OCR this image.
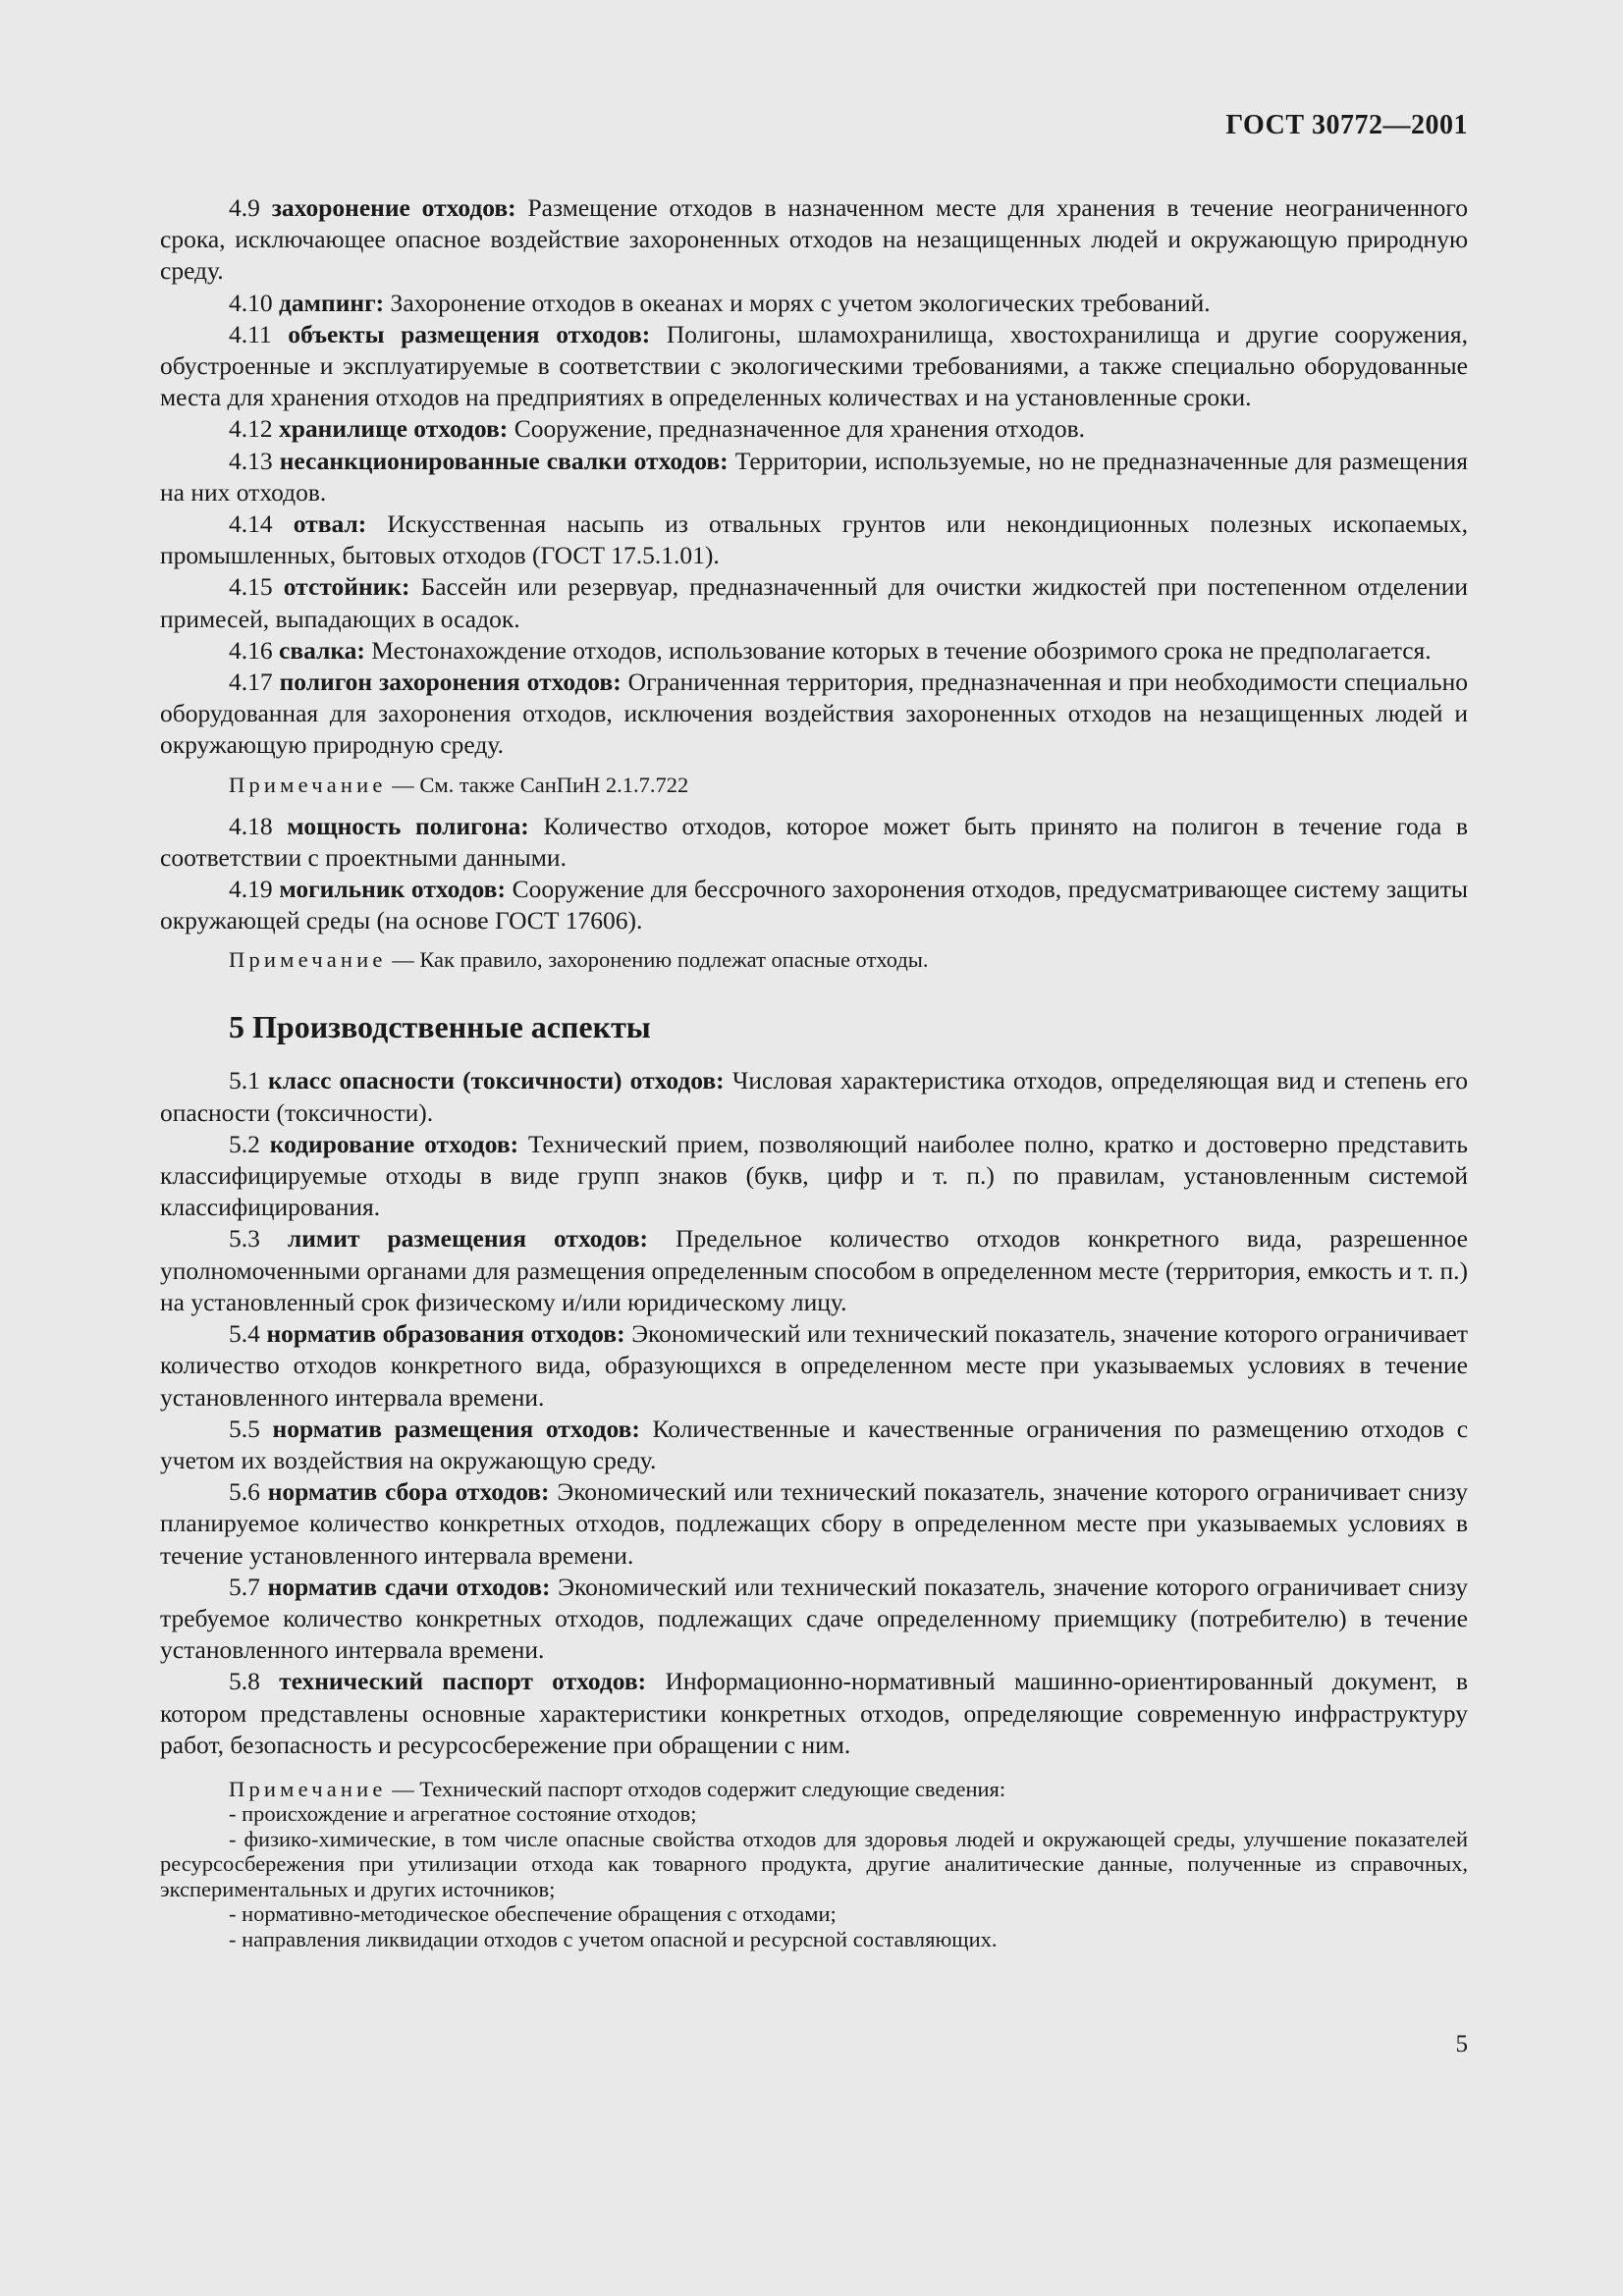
ГОСТ 30772—2001

4.9 захоронение отходов: Размещение отходов в назначенном месте для хранения в течение неограниченного срока, исключающее опасное воздействие захороненных отходов на незащищенных людей и окружающую природную среду.

4.10 дампинг: Захоронение отходов в океанах и морях с учетом экологических требований.

4.11 объекты размещения отходов: Полигоны, шламохранилища, хвостохранилища и другие сооружения, обустроенные и эксплуатируемые в соответствии с экологическими требованиями, а также специально оборудованные места для хранения отходов на предприятиях в определенных количествах и на установленные сроки.

4.12 хранилище отходов: Сооружение, предназначенное для хранения отходов.

4.13 несанкционированные свалки отходов: Территории, используемые, но не предназначенные для размещения на них отходов.

4.14 отвал: Искусственная насыпь из отвальных грунтов или некондиционных полезных ископаемых, промышленных, бытовых отходов (ГОСТ 17.5.1.01).

4.15 отстойник: Бассейн или резервуар, предназначенный для очистки жидкостей при постепенном отделении примесей, выпадающих в осадок.

4.16 свалка: Местонахождение отходов, использование которых в течение обозримого срока не предполагается.

4.17 полигон захоронения отходов: Ограниченная территория, предназначенная и при необходимости специально оборудованная для захоронения отходов, исключения воздействия захороненных отходов на незащищенных людей и окружающую природную среду.

Примечание — См. также СанПиН 2.1.7.722

4.18 мощность полигона: Количество отходов, которое может быть принято на полигон в течение года в соответствии с проектными данными.

4.19 могильник отходов: Сооружение для бессрочного захоронения отходов, предусматривающее систему защиты окружающей среды (на основе ГОСТ 17606).

Примечание — Как правило, захоронению подлежат опасные отходы.

5 Производственные аспекты

5.1 класс опасности (токсичности) отходов: Числовая характеристика отходов, определяющая вид и степень его опасности (токсичности).

5.2 кодирование отходов: Технический прием, позволяющий наиболее полно, кратко и достоверно представить классифицируемые отходы в виде групп знаков (букв, цифр и т. п.) по правилам, установленным системой классифицирования.

5.3 лимит размещения отходов: Предельное количество отходов конкретного вида, разрешенное уполномоченными органами для размещения определенным способом в определенном месте (территория, емкость и т. п.) на установленный срок физическому и/или юридическому лицу.

5.4 норматив образования отходов: Экономический или технический показатель, значение которого ограничивает количество отходов конкретного вида, образующихся в определенном месте при указываемых условиях в течение установленного интервала времени.

5.5 норматив размещения отходов: Количественные и качественные ограничения по размещению отходов с учетом их воздействия на окружающую среду.

5.6 норматив сбора отходов: Экономический или технический показатель, значение которого ограничивает снизу планируемое количество конкретных отходов, подлежащих сбору в определенном месте при указываемых условиях в течение установленного интервала времени.

5.7 норматив сдачи отходов: Экономический или технический показатель, значение которого ограничивает снизу требуемое количество конкретных отходов, подлежащих сдаче определенному приемщику (потребителю) в течение установленного интервала времени.

5.8 технический паспорт отходов: Информационно-нормативный машинно-ориентированный документ, в котором представлены основные характеристики конкретных отходов, определяющие современную инфраструктуру работ, безопасность и ресурсосбережение при обращении с ним.

Примечание — Технический паспорт отходов содержит следующие сведения:

- происхождение и агрегатное состояние отходов;

- физико-химические, в том числе опасные свойства отходов для здоровья людей и окружающей среды, улучшение показателей ресурсосбережения при утилизации отхода как товарного продукта, другие аналитические данные, полученные из справочных, экспериментальных и других источников;

- нормативно-методическое обеспечение обращения с отходами;

- направления ликвидации отходов с учетом опасной и ресурсной составляющих.

5
